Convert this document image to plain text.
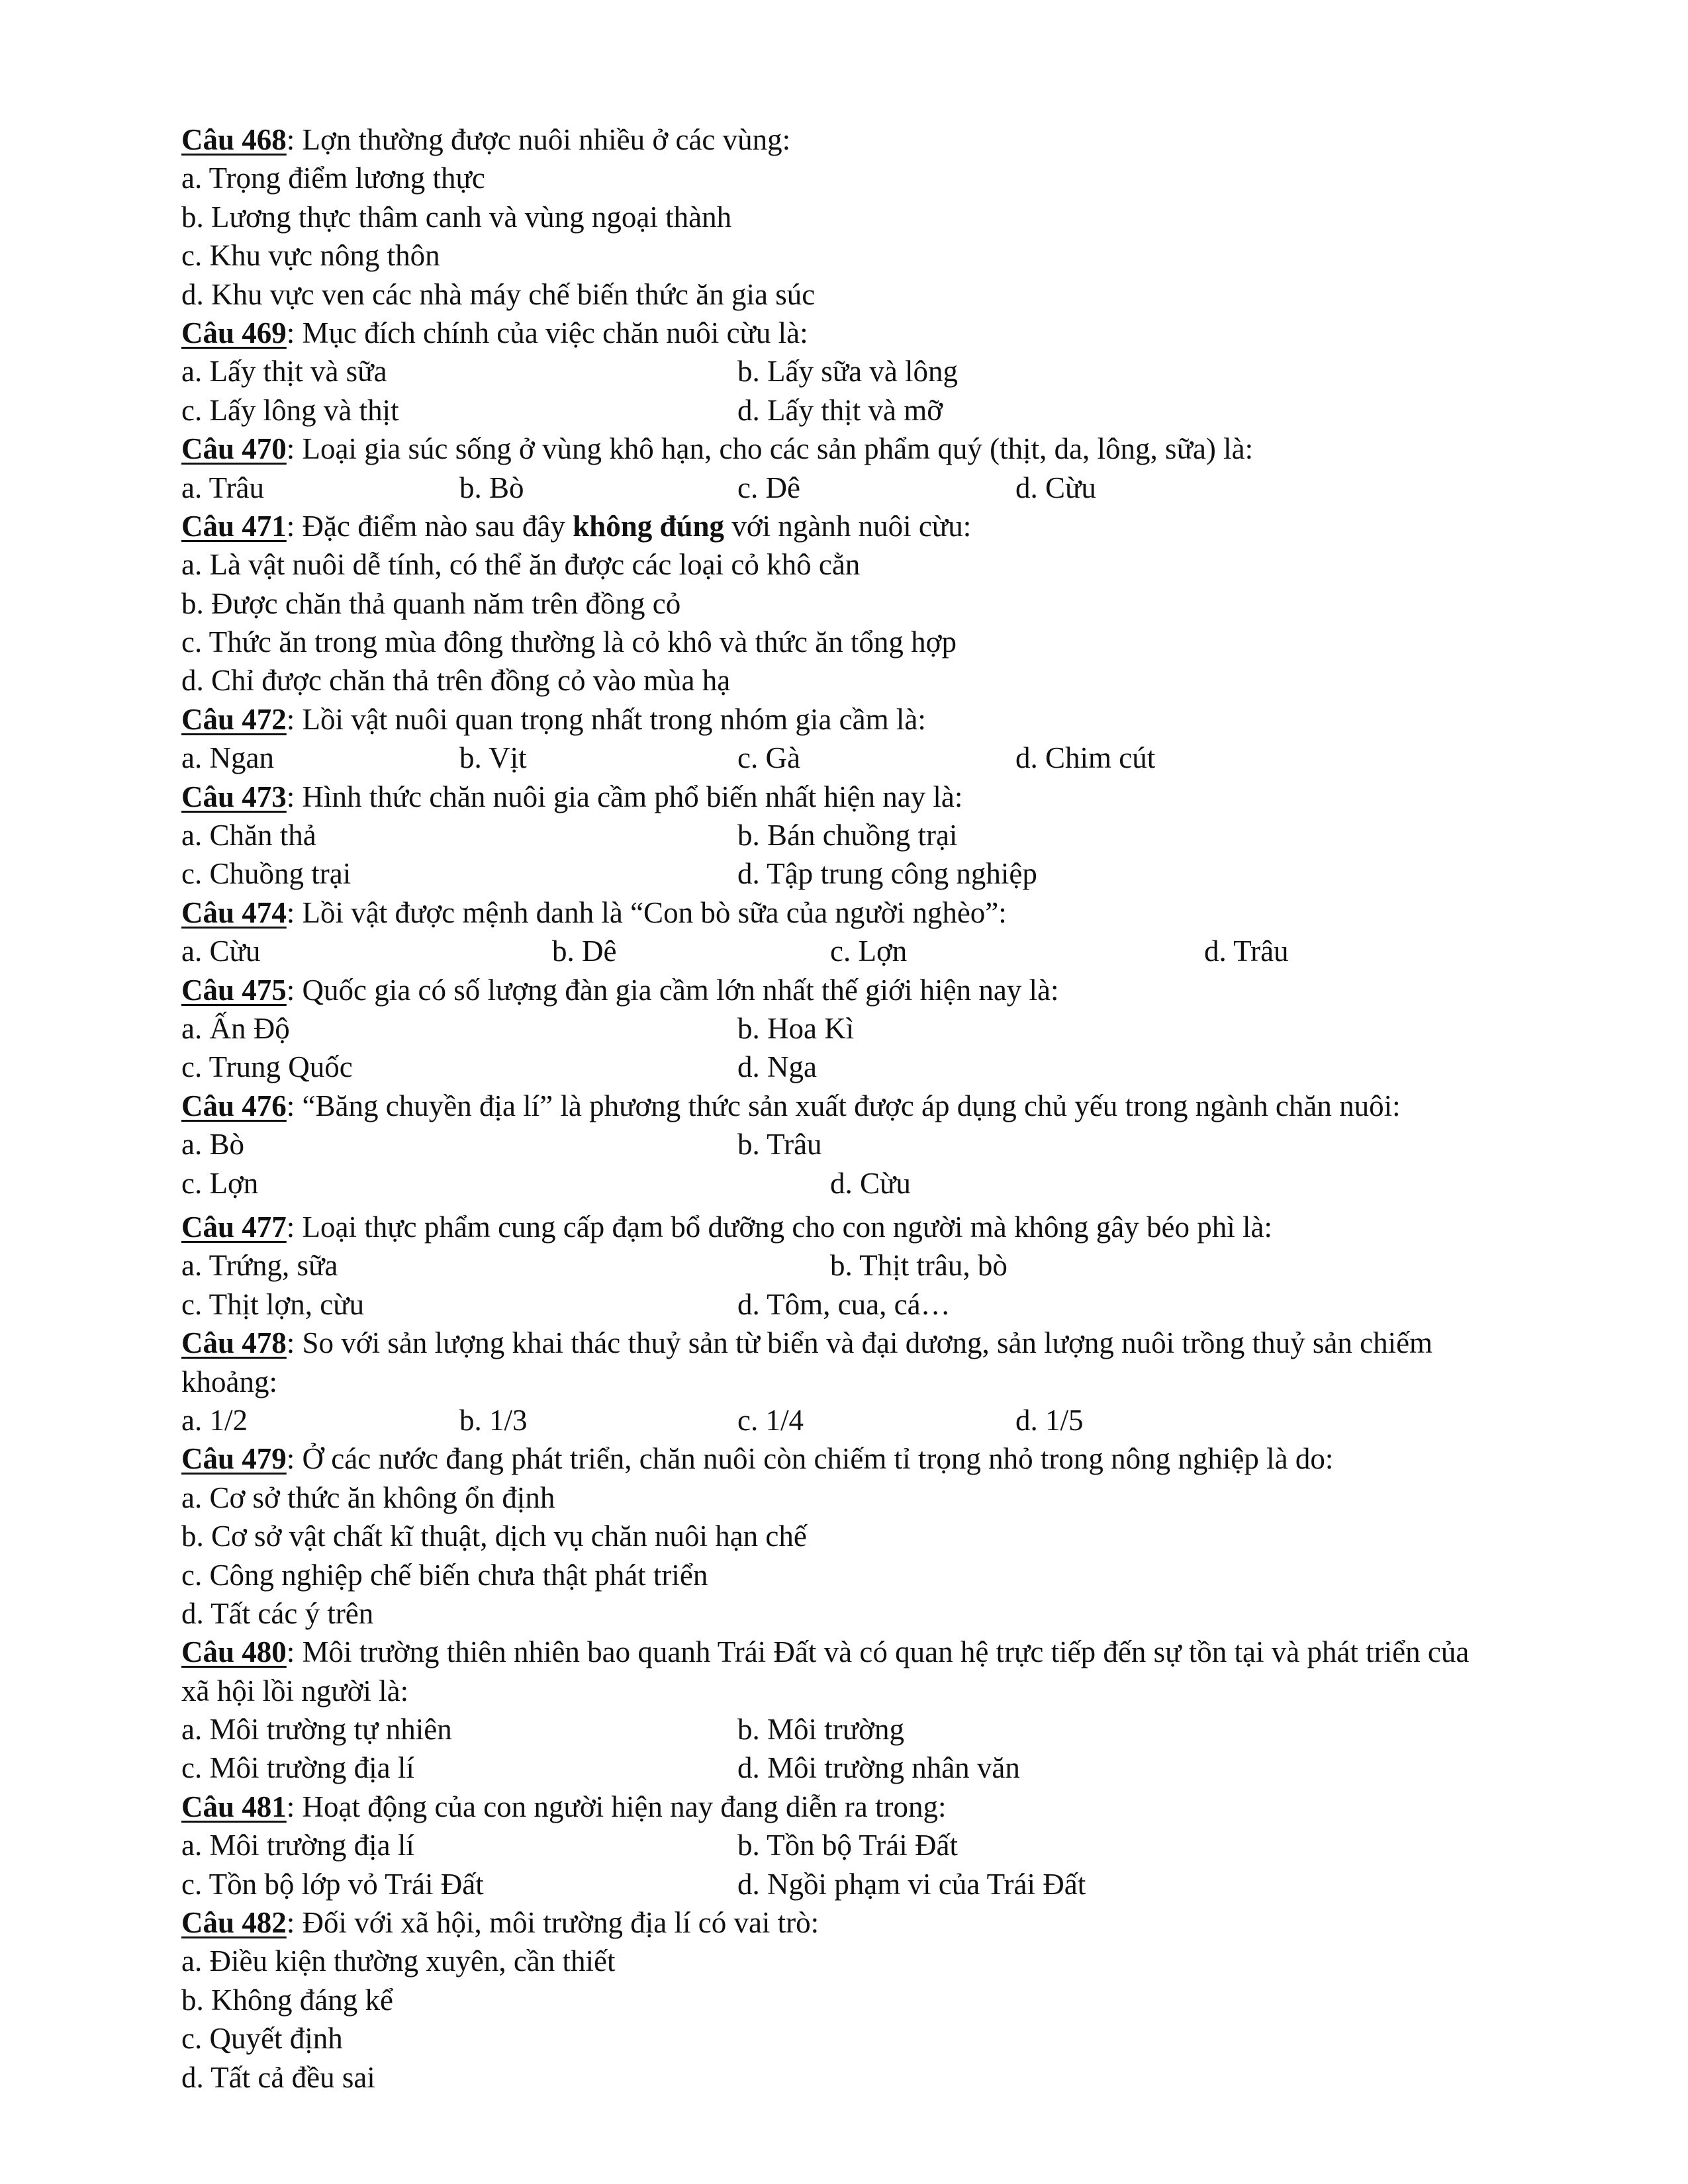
Câu 468: Lợn thường được nuôi nhiều ở các vùng:
a. Trọng điểm lương thực
b. Lương thực thâm canh và vùng ngoại thành
c. Khu vực nông thôn
d. Khu vực ven các nhà máy chế biến thức ăn gia súc
Câu 469: Mục đích chính của việc chăn nuôi cừu là:
a. Lấy thịt và sữa	b. Lấy sữa và lông
c. Lấy lông và thịt	d. Lấy thịt và mỡ
Câu 470: Loại gia súc sống ở vùng khô hạn, cho các sản phẩm quý (thịt, da, lông, sữa) là:
a. Trâu	b. Bò	c. Dê	d. Cừu
Câu 471: Đặc điểm nào sau đây không đúng với ngành nuôi cừu:
a. Là vật nuôi dễ tính, có thể ăn được các loại cỏ khô cằn
b. Được chăn thả quanh năm trên đồng cỏ
c. Thức ăn trong mùa đông thường là cỏ khô và thức ăn tổng hợp
d. Chỉ được chăn thả trên đồng cỏ vào mùa hạ
Câu 472: Lồi vật nuôi quan trọng nhất trong nhóm gia cầm là:
a. Ngan	b. Vịt	c. Gà	d. Chim cút
Câu 473: Hình thức chăn nuôi gia cầm phổ biến nhất hiện nay là:
a. Chăn thả	b. Bán chuồng trại
c. Chuồng trại	d. Tập trung công nghiệp
Câu 474: Lồi vật được mệnh danh là “Con bò sữa của người nghèo”:
a. Cừu	b. Dê	c. Lợn	d. Trâu
Câu 475: Quốc gia có số lượng đàn gia cầm lớn nhất thế giới hiện nay là:
a. Ấn Độ	b. Hoa Kì
c. Trung Quốc	d. Nga
Câu 476: “Băng chuyền địa lí” là phương thức sản xuất được áp dụng chủ yếu trong ngành chăn nuôi:
a. Bò	b. Trâu
c. Lợn	d. Cừu
Câu 477: Loại thực phẩm cung cấp đạm bổ dưỡng cho con người mà không gây béo phì là:
a. Trứng, sữa	b. Thịt trâu, bò
c. Thịt lợn, cừu	d. Tôm, cua, cá…
Câu 478: So với sản lượng khai thác thuỷ sản từ biển và đại dương, sản lượng nuôi trồng thuỷ sản chiếm khoảng:
a. 1/2	b. 1/3	c. 1/4	d. 1/5
Câu 479: Ở các nước đang phát triển, chăn nuôi còn chiếm tỉ trọng nhỏ trong nông nghiệp là do:
a. Cơ sở thức ăn không ổn định
b. Cơ sở vật chất kĩ thuật, dịch vụ chăn nuôi hạn chế
c. Công nghiệp chế biến chưa thật phát triển
d. Tất các ý trên
Câu 480: Môi trường thiên nhiên bao quanh Trái Đất và có quan hệ trực tiếp đến sự tồn tại và phát triển của xã hội lồi người là:
a. Môi trường tự nhiên	b. Môi trường
c. Môi trường địa lí	d. Môi trường nhân văn
Câu 481: Hoạt động của con người hiện nay đang diễn ra trong:
a. Môi trường địa lí	b. Tồn bộ Trái Đất
c. Tồn bộ lớp vỏ Trái Đất	d. Ngồi phạm vi của Trái Đất
Câu 482: Đối với xã hội, môi trường địa lí có vai trò:
a. Điều kiện thường xuyên, cần thiết
b. Không đáng kể
c. Quyết định
d. Tất cả đều sai
